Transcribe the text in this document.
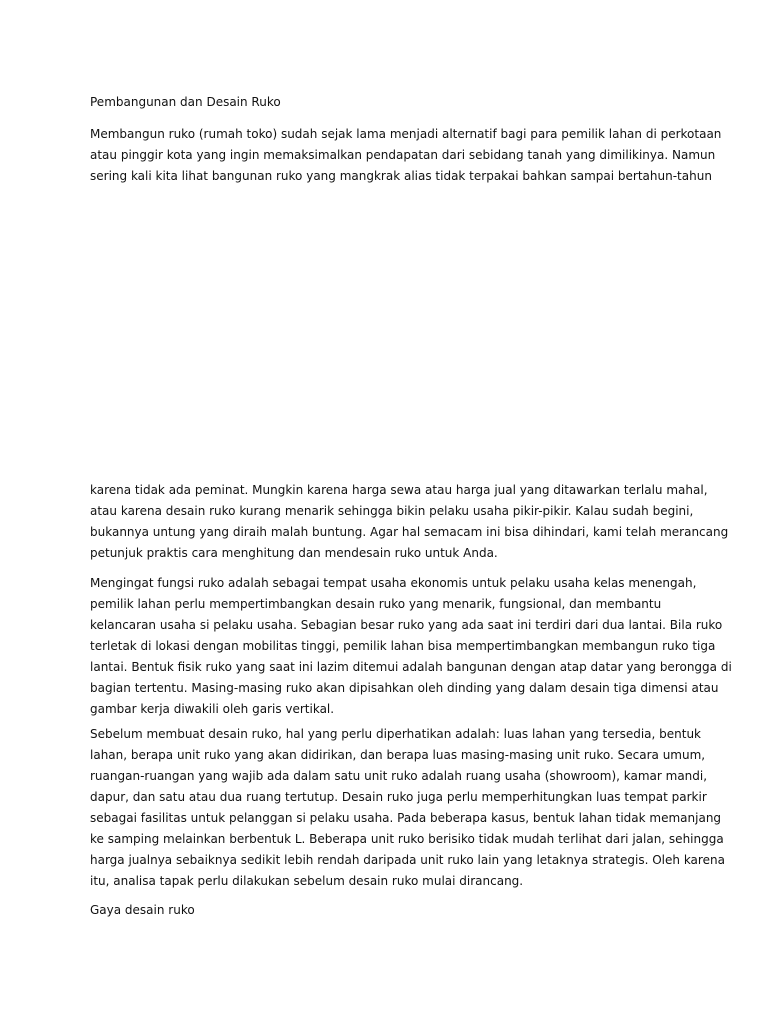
Pembangunan dan Desain Ruko
Membangun ruko (rumah toko) sudah sejak lama menjadi alternatif bagi para pemilik lahan di perkotaan
atau pinggir kota yang ingin memaksimalkan pendapatan dari sebidang tanah yang dimilikinya. Namun
sering kali kita lihat bangunan ruko yang mangkrak alias tidak terpakai bahkan sampai bertahun-tahun
karena tidak ada peminat. Mungkin karena harga sewa atau harga jual yang ditawarkan terlalu mahal,
atau karena desain ruko kurang menarik sehingga bikin pelaku usaha pikir-pikir. Kalau sudah begini,
bukannya untung yang diraih malah buntung. Agar hal semacam ini bisa dihindari, kami telah merancang
petunjuk praktis cara menghitung dan mendesain ruko untuk Anda.
Mengingat fungsi ruko adalah sebagai tempat usaha ekonomis untuk pelaku usaha kelas menengah,
pemilik lahan perlu mempertimbangkan desain ruko yang menarik, fungsional, dan membantu
kelancaran usaha si pelaku usaha. Sebagian besar ruko yang ada saat ini terdiri dari dua lantai. Bila ruko
terletak di lokasi dengan mobilitas tinggi, pemilik lahan bisa mempertimbangkan membangun ruko tiga
lantai. Bentuk fisik ruko yang saat ini lazim ditemui adalah bangunan dengan atap datar yang berongga di
bagian tertentu. Masing-masing ruko akan dipisahkan oleh dinding yang dalam desain tiga dimensi atau
gambar kerja diwakili oleh garis vertikal.
Sebelum membuat desain ruko, hal yang perlu diperhatikan adalah: luas lahan yang tersedia, bentuk
lahan, berapa unit ruko yang akan didirikan, dan berapa luas masing-masing unit ruko. Secara umum,
ruangan-ruangan yang wajib ada dalam satu unit ruko adalah ruang usaha (showroom), kamar mandi,
dapur, dan satu atau dua ruang tertutup. Desain ruko juga perlu memperhitungkan luas tempat parkir
sebagai fasilitas untuk pelanggan si pelaku usaha. Pada beberapa kasus, bentuk lahan tidak memanjang
ke samping melainkan berbentuk L. Beberapa unit ruko berisiko tidak mudah terlihat dari jalan, sehingga
harga jualnya sebaiknya sedikit lebih rendah daripada unit ruko lain yang letaknya strategis. Oleh karena
itu, analisa tapak perlu dilakukan sebelum desain ruko mulai dirancang.
Gaya desain ruko
